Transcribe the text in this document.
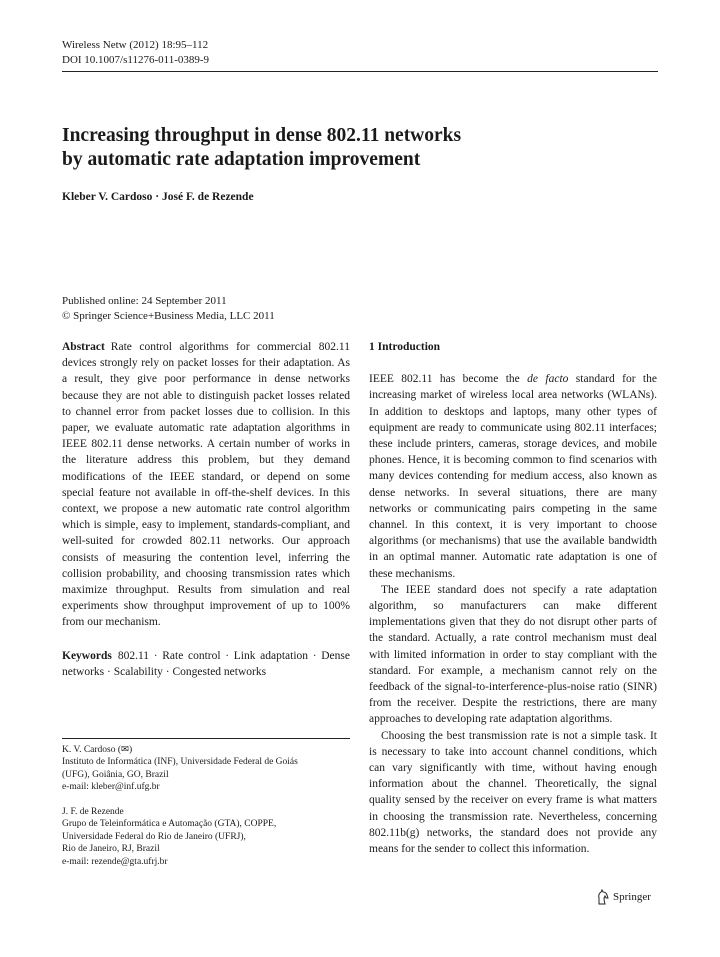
Wireless Netw (2012) 18:95–112
DOI 10.1007/s11276-011-0389-9
Increasing throughput in dense 802.11 networks
by automatic rate adaptation improvement
Kleber V. Cardoso · José F. de Rezende
Published online: 24 September 2011
© Springer Science+Business Media, LLC 2011

Abstract Rate control algorithms for commercial 802.11 devices strongly rely on packet losses for their adaptation. As a result, they give poor performance in dense networks because they are not able to distinguish packet losses related to channel error from packet losses due to collision. In this paper, we evaluate automatic rate adaptation algorithms in IEEE 802.11 dense networks. A certain number of works in the literature address this problem, but they demand modifications of the IEEE standard, or depend on some special feature not available in off-the-shelf devices. In this context, we propose a new automatic rate control algorithm which is simple, easy to implement, standards-compliant, and well-suited for crowded 802.11 networks. Our approach consists of measuring the contention level, inferring the collision probability, and choosing transmission rates which maximize throughput. Results from simulation and real experiments show throughput improvement of up to 100% from our mechanism.

Keywords 802.11 · Rate control · Link adaptation · Dense networks · Scalability · Congested networks

K. V. Cardoso (✉)
Instituto de Informática (INF), Universidade Federal de Goiás
(UFG), Goiânia, GO, Brazil
e-mail: kleber@inf.ufg.br
J. F. de Rezende
Grupo de Teleinformática e Automação (GTA), COPPE,
Universidade Federal do Rio de Janeiro (UFRJ),
Rio de Janeiro, RJ, Brazil
e-mail: rezende@gta.ufrj.br

1 Introduction

IEEE 802.11 has become the de facto standard for the increasing market of wireless local area networks (WLANs). In addition to desktops and laptops, many other types of equipment are ready to communicate using 802.11 interfaces; these include printers, cameras, storage devices, and mobile phones. Hence, it is becoming common to find scenarios with many devices contending for medium access, also known as dense networks. In several situations, there are many networks or communicating pairs competing in the same channel. In this context, it is very important to choose algorithms (or mechanisms) that use the available bandwidth in an optimal manner. Automatic rate adaptation is one of these mechanisms.

The IEEE standard does not specify a rate adaptation algorithm, so manufacturers can make different implementations given that they do not disrupt other parts of the standard. Actually, a rate control mechanism must deal with limited information in order to stay compliant with the standard. For example, a mechanism cannot rely on the feedback of the signal-to-interference-plus-noise ratio (SINR) from the receiver. Despite the restrictions, there are many approaches to developing rate adaptation algorithms.

Choosing the best transmission rate is not a simple task. It is necessary to take into account channel conditions, which can vary significantly with time, without having enough information about the channel. Theoretically, the signal quality sensed by the receiver on every frame is what matters in choosing the transmission rate. Nevertheless, concerning 802.11b(g) networks, the standard does not provide any means for the sender to collect this information.

Springer
